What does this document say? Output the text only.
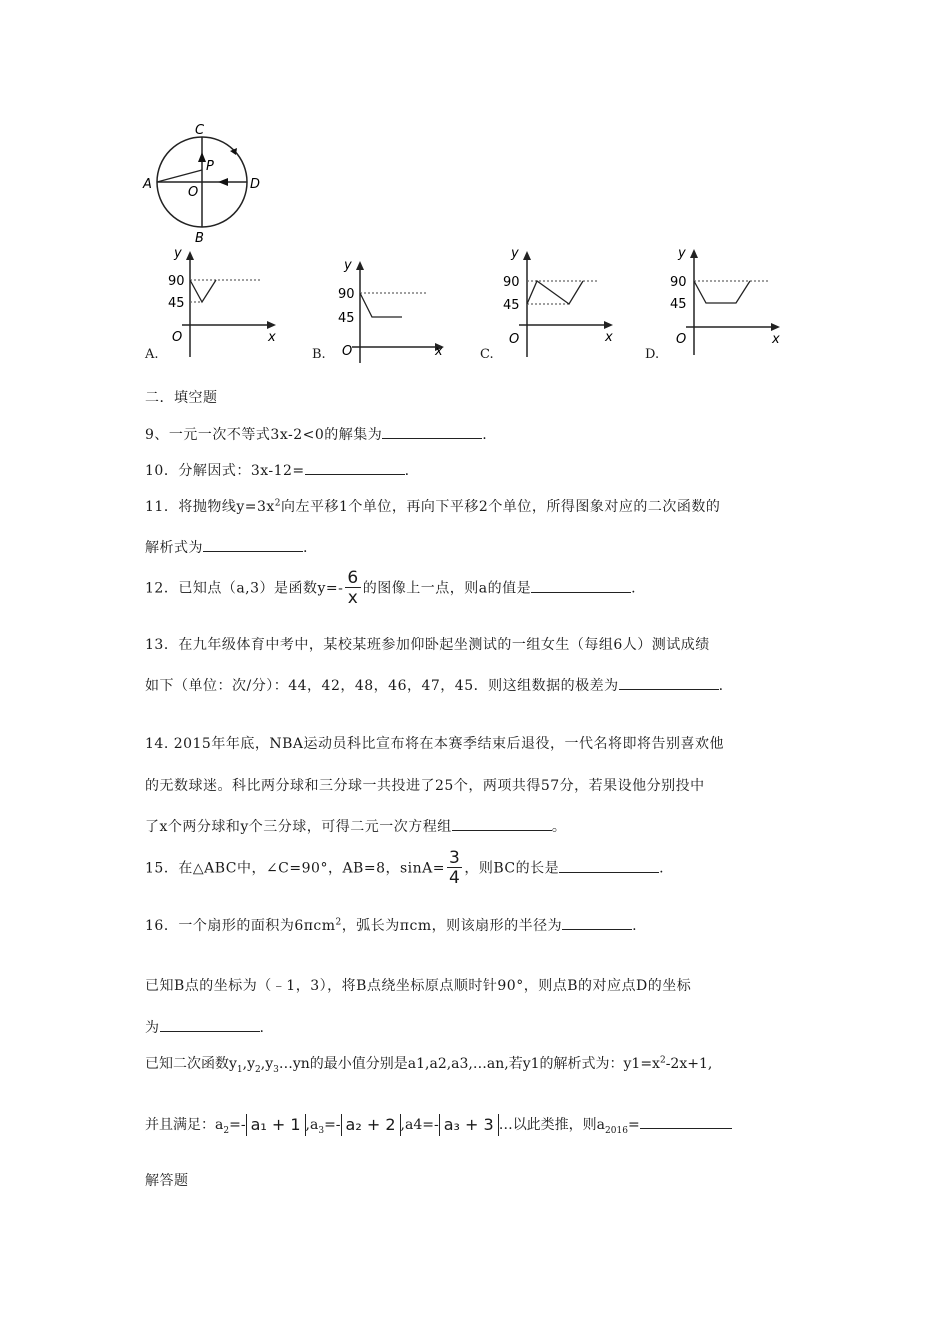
C
P
A
O
D
B
y
x
O
90
45
A.
y
x
O
90
45
B.
y
x
O
90
45
C.
y
x
O
90
45
D.
二．填空题
9、一元一次不等式3x-2<0的解集为	.
10．分解因式：3x-12=	.
11．将抛物线$y=3x^2$向左平移1个单位，再向下平移2个单位，所得图象对应的二次函数的
解析式为	.
12．已知点（a,3）是函数$y=- \frac{6}{x}$ 的图像上一点，则a的值是	.
13．在九年级体育中考中，某校某班参加仰卧起坐测试的一组女生（每组6人）测试成绩
如下（单位：次/分）：44，42，48，46，47，45．则这组数据的极差为	.
14. 2015年年底，NBA运动员科比宣布将在本赛季结束后退役，一代名将即将告别喜欢他
的无数球迷。科比两分球和三分球一共投进了25个，两项共得57分，若果设他分别投中
了x个两分球和y个三分球，可得二元一次方程组	。
15．在△ABC中，∠C=90°，AB=8，$\sin A= \frac{3}{4}$ ，则BC的长是	.
16．一个扇形的面积为6πcm$^2$，弧长为πcm，则该扇形的半径为	.
已知B点的坐标为（﹣1，3），将B点绕坐标原点顺时针90°，则点B的对应点D的坐标
为	.
已知二次函数$y_1,y_2,y_3\dots yn$的最小值分别是a1,a2,a3,…an,若y1的解析式为：$y1=x^2-2x+1$,
并且满足：$a_2=-$ a₁ + 1 $,a_3=-$ a₂ + 2 ,a4=- a₃ + 3 …以此类推，则$a_{2016}=$
解答题
